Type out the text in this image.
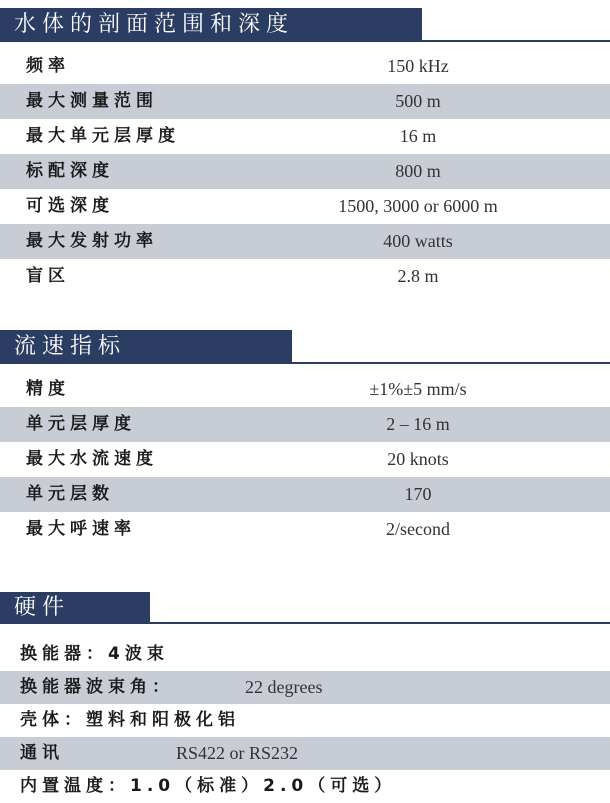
水体的剖面范围和深度
频率	150 kHz
最大测量范围	500 m
最大单元层厚度	16 m
标配深度	800 m
可选深度	1500, 3000 or 6000 m
最大发射功率	400 watts
盲区	2.8 m
流速指标
精度	±1%±5 mm/s
单元层厚度	2 – 16 m
最大水流速度	20 knots
单元层数	170
最大呼速率	2/second
硬件
换能器：4波束
换能器波束角：	22 degrees
壳体：塑料和阳极化铝
通讯	RS422 or RS232
内置温度：1.0（标准）2.0（可选）
